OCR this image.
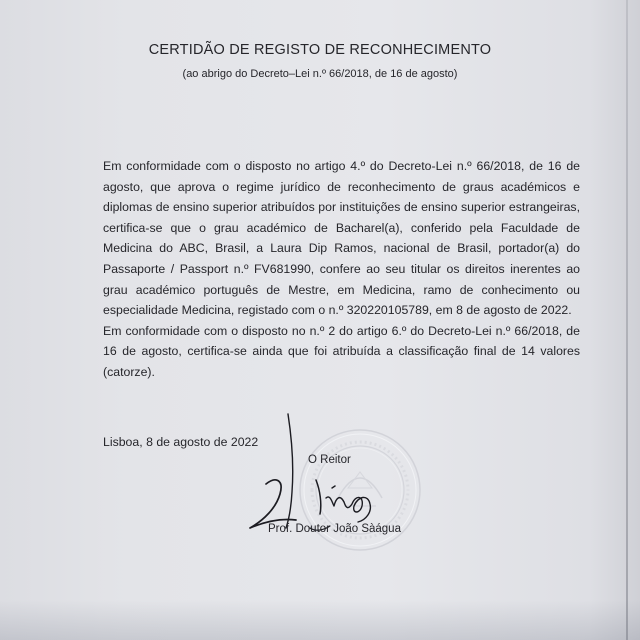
CERTIDÃO DE REGISTO DE RECONHECIMENTO
(ao abrigo do Decreto–Lei n.º 66/2018, de 16 de agosto)

Em conformidade com o disposto no artigo 4.º do Decreto-Lei n.º 66/2018, de 16 de agosto, que aprova o regime jurídico de reconhecimento de graus académicos e diplomas de ensino superior atribuídos por instituições de ensino superior estrangeiras, certifica-se que o grau académico de Bacharel(a), conferido pela Faculdade de Medicina do ABC, Brasil, a Laura Dip Ramos, nacional de Brasil, portador(a) do Passaporte / Passport n.º FV681990, confere ao seu titular os direitos inerentes ao grau académico português de Mestre, em Medicina, ramo de conhecimento ou especialidade Medicina, registado com o n.º 320220105789, em 8 de agosto de 2022.

Em conformidade com o disposto no n.º 2 do artigo 6.º do Decreto-Lei n.º 66/2018, de 16 de agosto, certifica-se ainda que foi atribuída a classificação final de 14 valores (catorze).

Lisboa, 8 de agosto de 2022
O Reitor
Prof. Doutor João Sàágua
